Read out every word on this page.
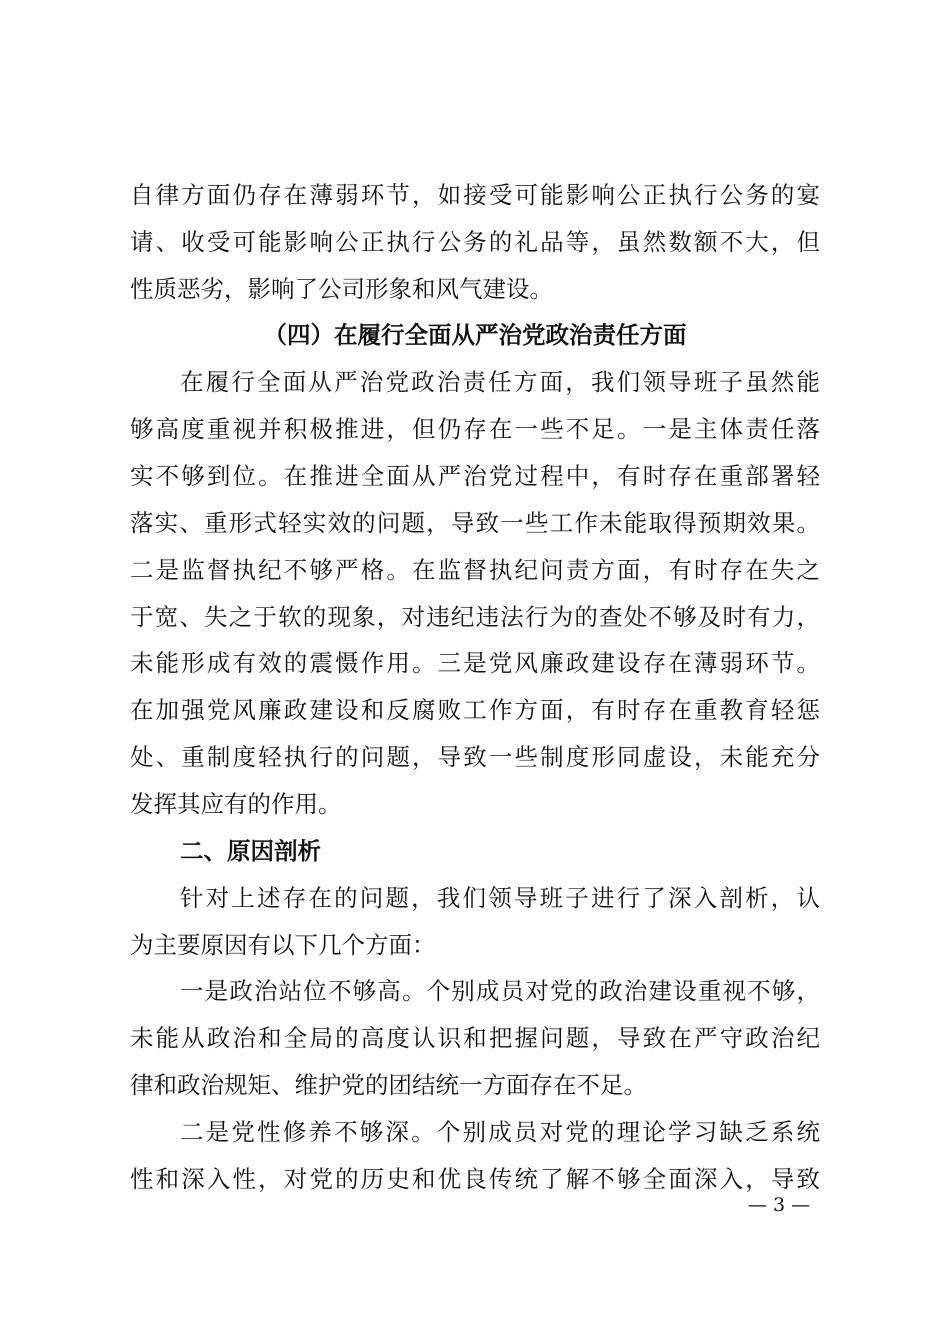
自律方面仍存在薄弱环节，如接受可能影响公正执行公务的宴
请、收受可能影响公正执行公务的礼品等，虽然数额不大，但
性质恶劣，影响了公司形象和风气建设。
（四）在履行全面从严治党政治责任方面
在履行全面从严治党政治责任方面，我们领导班子虽然能
够高度重视并积极推进，但仍存在一些不足。一是主体责任落
实不够到位。在推进全面从严治党过程中，有时存在重部署轻
落实、重形式轻实效的问题，导致一些工作未能取得预期效果。
二是监督执纪不够严格。在监督执纪问责方面，有时存在失之
于宽、失之于软的现象，对违纪违法行为的查处不够及时有力，
未能形成有效的震慑作用。三是党风廉政建设存在薄弱环节。
在加强党风廉政建设和反腐败工作方面，有时存在重教育轻惩
处、重制度轻执行的问题，导致一些制度形同虚设，未能充分
发挥其应有的作用。
二、原因剖析
针对上述存在的问题，我们领导班子进行了深入剖析，认
为主要原因有以下几个方面：
一是政治站位不够高。个别成员对党的政治建设重视不够，
未能从政治和全局的高度认识和把握问题，导致在严守政治纪
律和政治规矩、维护党的团结统一方面存在不足。
二是党性修养不够深。个别成员对党的理论学习缺乏系统
性和深入性，对党的历史和优良传统了解不够全面深入，导致
— 3 —
